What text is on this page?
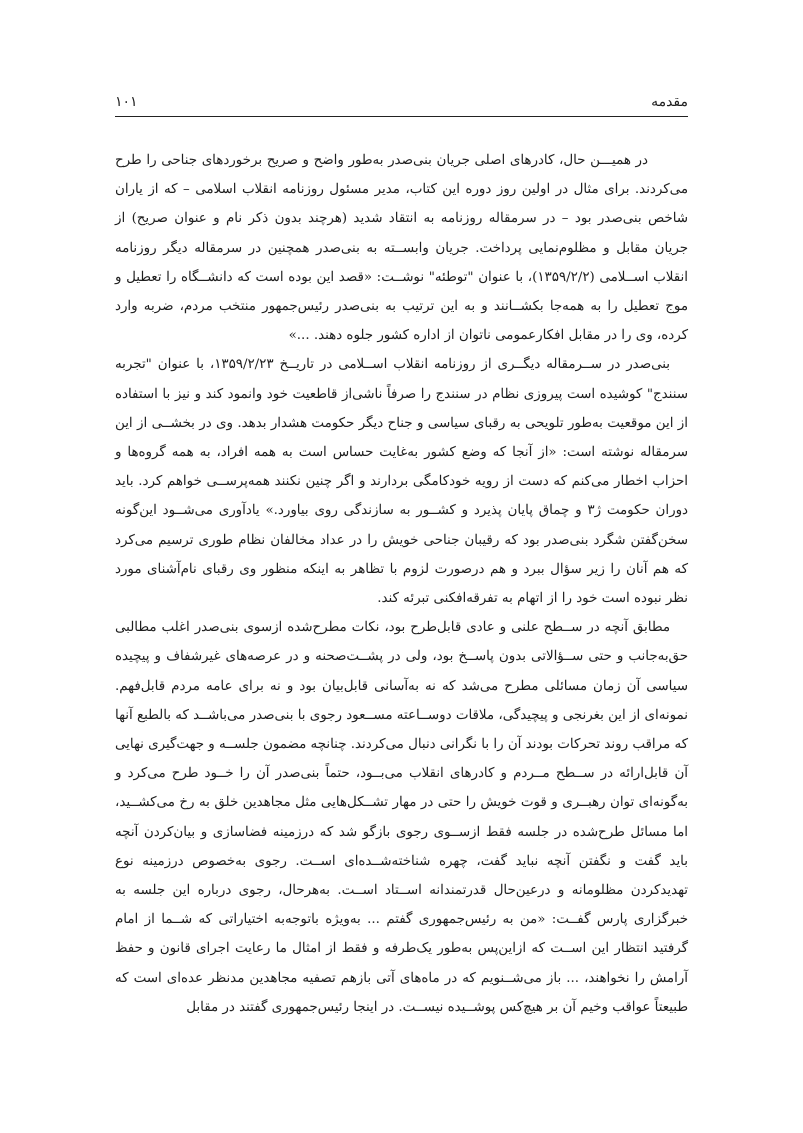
مقدمه
۱۰۱

در همیـــن حال، کادرهای اصلی جریان بنی‌صدر به‌طور واضح و صریح برخوردهای جناحی را طرح می‌کردند. برای مثال در اولین روز دوره این کتاب، مدیر مسئول روزنامه انقلاب اسلامی – که از یاران شاخص بنی‌صدر بود – در سرمقاله روزنامه به انتقاد شدید (هرچند بدون ذکر نام و عنوان صریح) از جریان مقابل و مظلوم‌نمایی پرداخت. جریان وابســته به بنی‌صدر همچنین در سرمقاله دیگر روزنامه انقلاب اســلامی (۱۳۵۹/۲/۲)، با عنوان "توطئه" نوشــت: «قصد این بوده است که دانشــگاه را تعطیل و موج تعطیل را به همه‌جا بکشــانند و به این ترتیب به بنی‌صدر رئیس‌جمهور منتخب مردم، ضربه وارد کرده، وی را در مقابل افکارعمومی ناتوان از اداره کشور جلوه دهند. ...»

بنی‌صدر در ســرمقاله دیگــری از روزنامه انقلاب اســلامی در تاریــخ ۱۳۵۹/۲/۲۳، با عنوان "تجربه سنندج" کوشیده است پیروزی نظام در سنندج را صرفاً ناشی‌از قاطعیت خود وانمود کند و نیز با استفاده از این موقعیت به‌طور تلویحی به رقبای سیاسی و جناح دیگر حکومت هشدار بدهد. وی در بخشــی از این سرمقاله نوشته است: «از آنجا که وضع کشور به‌غایت حساس است به همه افراد، به همه گروه‌ها و احزاب اخطار می‌کنم که دست از رویه خودکامگی بردارند و اگر چنین نکنند همه‌پرســی خواهم کرد. باید دوران حکومت ژ۳ و چماق پایان پذیرد و کشــور به سازندگی روی بیاورد.» یادآوری می‌شــود این‌گونه سخن‌گفتن شگرد بنی‌صدر بود که رقیبان جناحی خویش را در عداد مخالفان نظام طوری ترسیم می‌کرد که هم آنان را زیر سؤال ببرد و هم درصورت لزوم با تظاهر به اینکه منظور وی رقبای نام‌آشنای مورد نظر نبوده است خود را از اتهام به تفرقه‌افکنی تبرئه کند.

مطابق آنچه در ســطح علنی و عادی قابل‌طرح بود، نکات مطرح‌شده ازسوی بنی‌صدر اغلب مطالبی حق‌به‌جانب و حتی ســؤالاتی بدون پاســخ بود، ولی در پشــت‌صحنه و در عرصه‌های غیرشفاف و پیچیده سیاسی آن زمان مسائلی مطرح می‌شد که نه به‌آسانی قابل‌بیان بود و نه برای عامه مردم قابل‌فهم. نمونه‌ای از این بغرنجی و پیچیدگی، ملاقات دوســاعته مســعود رجوی با بنی‌صدر می‌باشــد که بالطبع آنها که مراقب روند تحرکات بودند آن را با نگرانی دنبال می‌کردند. چنانچه مضمون جلســه و جهت‌گیری نهایی آن قابل‌ارائه در ســطح مــردم و کادرهای انقلاب می‌بــود، حتماً بنی‌صدر آن را خــود طرح می‌کرد و به‌گونه‌ای توان رهبــری و قوت خویش را حتی در مهار تشــکل‌هایی مثل مجاهدین خلق به رخ می‌کشــید، اما مسائل طرح‌شده در جلسه فقط ازســوی رجوی بازگو شد که درزمینه فضاسازی و بیان‌کردن آنچه باید گفت و نگفتن آنچه نباید گفت، چهره شناخته‌شــده‌ای اســت. رجوی به‌خصوص درزمینه نوع تهدیدکردن مظلومانه و درعین‌حال قدرتمندانه اســتاد اســت. به‌هرحال، رجوی درباره این جلسه به خبرگزاری پارس گفــت: «من به رئیس‌جمهوری گفتم ... به‌ویژه باتوجه‌به اختیاراتی که شــما از امام گرفتید انتظار این اســت که ازاین‌پس به‌طور یک‌طرفه و فقط از امثال ما رعایت اجرای قانون و حفظ آرامش را نخواهند، ... باز می‌شــنویم که در ماه‌های آتی بازهم تصفیه مجاهدین مدنظر عده‌ای است که طبیعتاً عواقب وخیم آن بر هیچ‌کس پوشــیده نیســت. در اینجا رئیس‌جمهوری گفتند در مقابل
